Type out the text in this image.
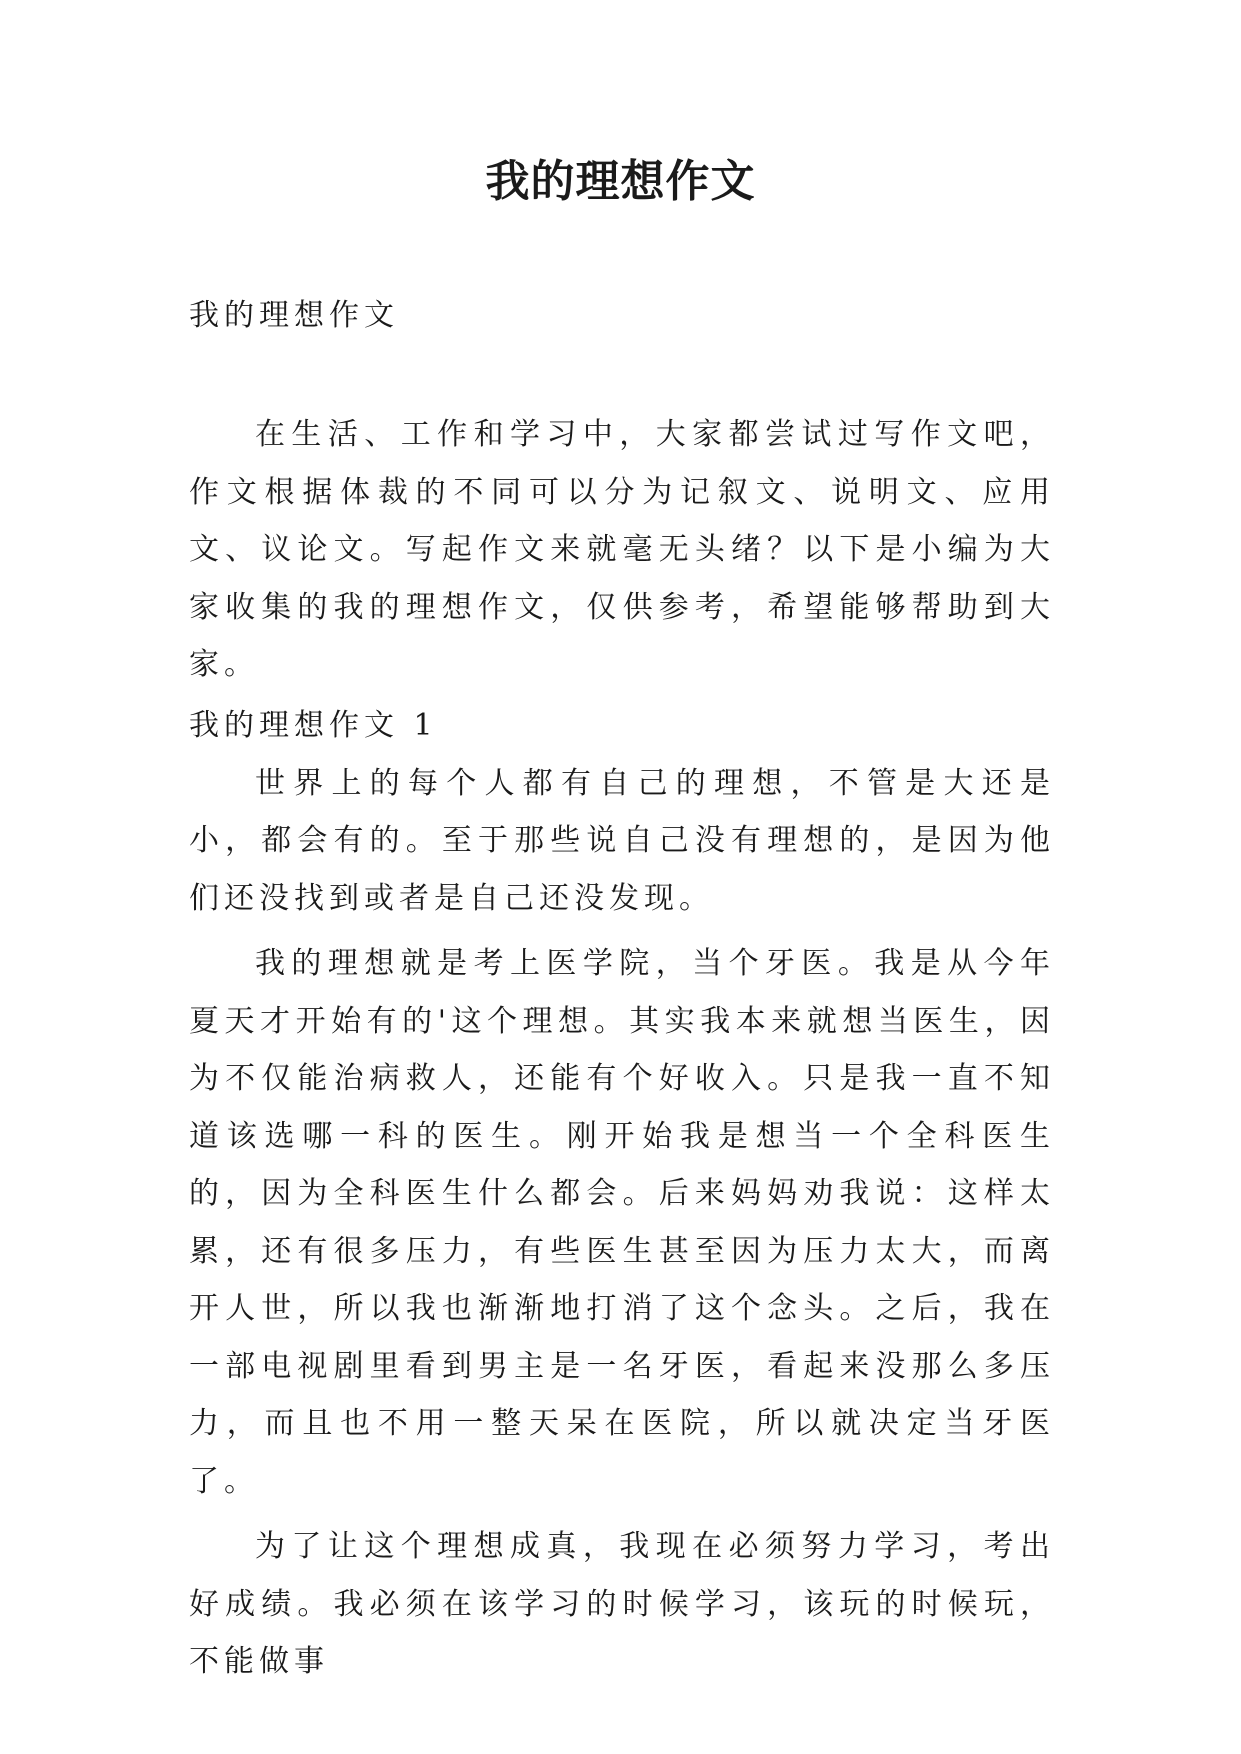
我的理想作文
我的理想作文

在生活、工作和学习中，大家都尝试过写作文吧，作文根据体裁的不同可以分为记叙文、说明文、应用文、议论文。写起作文来就毫无头绪？以下是小编为大家收集的我的理想作文，仅供参考，希望能够帮助到大家。

我的理想作文 1

世界上的每个人都有自己的理想，不管是大还是小，都会有的。至于那些说自己没有理想的，是因为他们还没找到或者是自己还没发现。

我的理想就是考上医学院，当个牙医。我是从今年夏天才开始有的'这个理想。其实我本来就想当医生，因为不仅能治病救人，还能有个好收入。只是我一直不知道该选哪一科的医生。刚开始我是想当一个全科医生的，因为全科医生什么都会。后来妈妈劝我说：这样太累，还有很多压力，有些医生甚至因为压力太大，而离开人世，所以我也渐渐地打消了这个念头。之后，我在一部电视剧里看到男主是一名牙医，看起来没那么多压力，而且也不用一整天呆在医院，所以就决定当牙医了。

为了让这个理想成真，我现在必须努力学习，考出好成绩。我必须在该学习的时候学习，该玩的时候玩，不能做事
